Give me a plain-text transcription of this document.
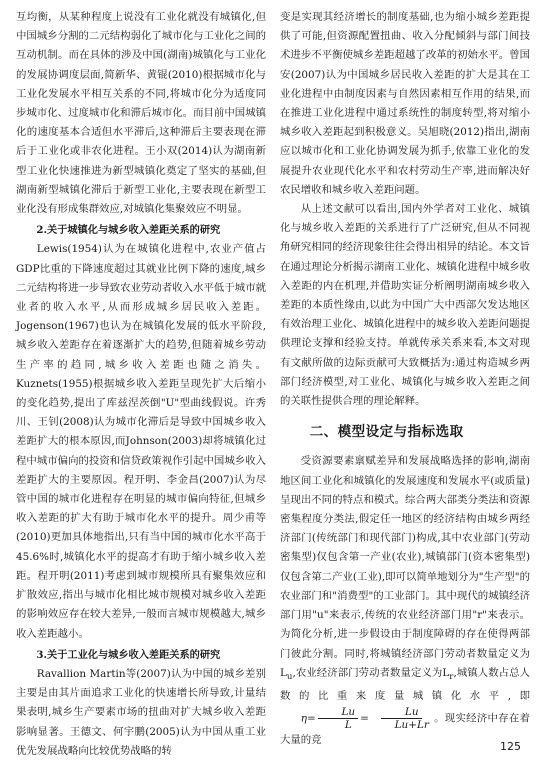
互均衡，从某种程度上说没有工业化就没有城镇化,但中国城乡分割的二元结构弱化了城市化与工业化之间的互动机制。而在具体的涉及中国(湖南)城镇化与工业化的发展协调度层面,简新华、黄锟(2010)根据城市化与工业化发展水平相互关系的不同,将城市化分为适度同步城市化、过度城市化和滞后城市化。而目前中国城镇化的速度基本合适但水平滞后,这种滞后主要表现在滞后于工业化或非农化进程。王小双(2014)认为湖南新型工业化快速推进为新型城镇化奠定了坚实的基础,但湖南新型城镇化滞后于新型工业化,主要表现在新型工业化没有形成集群效应,对城镇化集聚效应不明显。

2.关于城镇化与城乡收入差距关系的研究

Lewis(1954)认为在城镇化进程中,农业产值占GDP比重的下降速度超过其就业比例下降的速度,城乡二元结构将进一步导致农业劳动者收入水平低于城市就业者的收入水平,从而形成城乡居民收入差距。Jogenson(1967)也认为在城镇化发展的低水平阶段,城乡收入差距存在着逐渐扩大的趋势,但随着城乡劳动生产率的趋同,城乡收入差距也随之消失。Kuznets(1955)根据城乡收入差距呈现先扩大后缩小的变化趋势,提出了库兹涅茨倒"U"型曲线假说。许秀川、王钊(2008)认为城市化滞后是导致中国城乡收入差距扩大的根本原因,而Johnson(2003)却将城镇化过程中城市偏向的投资和信贷政策视作引起中国城乡收入差距扩大的主要原因。程开明、李金昌(2007)认为尽管中国的城市化进程存在明显的城市偏向特征,但城乡收入差距的扩大有助于城市化水平的提升。周少甫等(2010)更加具体地指出,只有当中国的城市化水平高于45.6%时,城镇化水平的提高才有助于缩小城乡收入差距。程开明(2011)考虑到城市规模所具有聚集效应和扩散效应,指出与城市化相比城市规模对城乡收入差距的影响效应存在较大差异,一般而言城市规模越大,城乡收入差距越小。

3.关于工业化与城乡收入差距关系的研究

Ravallion Martin等(2007)认为中国的城乡差别主要是由其片面追求工业化的快速增长所导致,计量结果表明,城乡生产要素市场的扭曲对扩大城乡收入差距影响显著。王德文、何宇鹏(2005)认为中国从重工业优先发展战略向比较优势战略的转

变是实现其经济增长的制度基础,也为缩小城乡差距提供了可能,但资源配置扭曲、收入分配倾斜与部门间技术进步不平衡使城乡差距超越了改革的初始水平。曾国安(2007)认为中国城乡居民收入差距的扩大是其在工业化进程中由制度因素与自然因素相互作用的结果,而在推进工业化进程中通过系统性的制度转型,将对缩小城乡收入差距起到积极意义。吴旭晓(2012)指出,湖南应以城市化和工业化协调发展为抓手,依靠工业化的发展提升农业现代化水平和农村劳动生产率,进而解决好农民增收和城乡收入差距问题。

从上述文献可以看出,国内外学者对工业化、城镇化与城乡收入差距的关系进行了广泛研究,但从不同视角研究相同的经济现象往往会得出相异的结论。本文旨在通过理论分析揭示湖南工业化、城镇化进程中城乡收入差距的内在机理,并借助实证分析阐明湖南城乡收入差距的本质性缘由,以此为中国广大中西部欠发达地区有效治理工业化、城镇化进程中的城乡收入差距问题提供理论支撑和经验支持。单就传承关系来看,本文对现有文献所做的边际贡献可大致概括为:通过构造城乡两部门经济模型,对工业化、城镇化与城乡收入差距之间的关联性提供合理的理论解释。

二、模型设定与指标选取

受资源要素禀赋差异和发展战略选择的影响,湖南地区间工业化和城镇化的发展速度和发展水平(或质量)呈现出不同的特点和模式。综合两大部类分类法和资源密集程度分类法,假定任一地区的经济结构由城乡两经济部门(传统部门和现代部门)构成,其中农业部门(劳动密集型)仅包含第一产业(农业),城镇部门(资本密集型)仅包含第二产业(工业),即可以简单地划分为"生产型"的农业部门和"消费型"的工业部门。其中现代的城镇经济部门用"u"来表示,传统的农业经济部门用"r"来表示。为简化分析,进一步假设由于制度障碍的存在使得两部门彼此分割。同时,将城镇经济部门劳动者数量定义为$L_u$,农业经济部门劳动者数量定义为$L_r$,城镇人数占总人数的比重来度量城镇化水平,即$\eta= \frac{Lu}{L} = \frac{Lu}{Lu+Lr}$ 。现实经济中存在着大量的竞	125
